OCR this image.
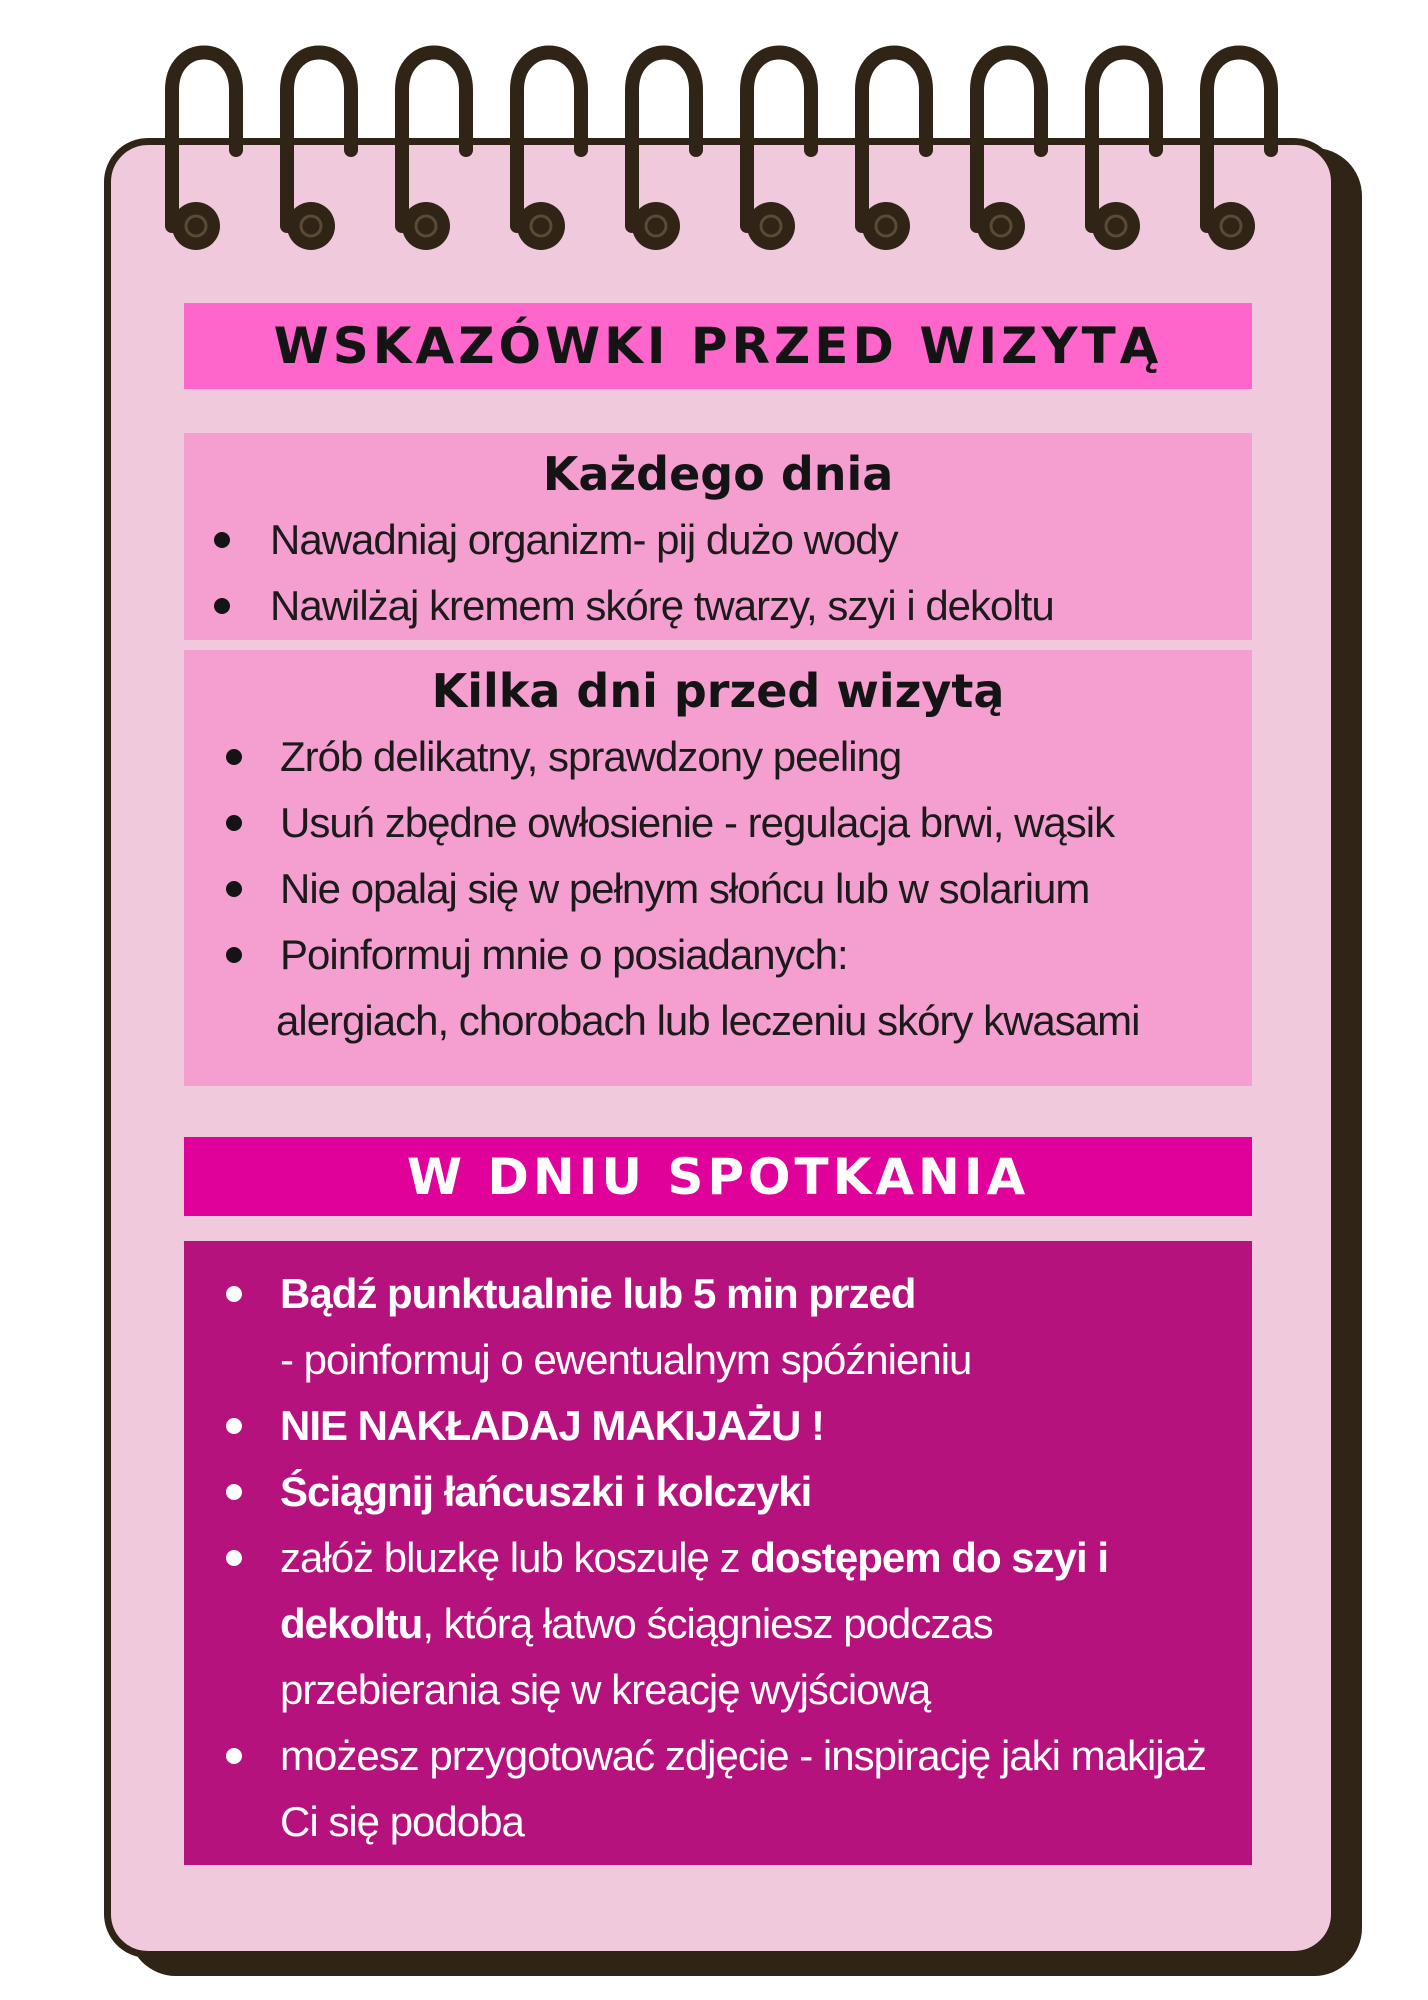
WSKAZÓWKI PRZED WIZYTĄ
Każdego dnia
Nawadniaj organizm- pij dużo wody
Nawilżaj kremem skórę twarzy, szyi i dekoltu
Kilka dni przed wizytą
Zrób delikatny, sprawdzony peeling
Usuń zbędne owłosienie - regulacja brwi, wąsik
Nie opalaj się w pełnym słońcu lub w solarium
Poinformuj mnie o posiadanych:
alergiach, chorobach lub leczeniu skóry kwasami
W DNIU SPOTKANIA
Bądź punktualnie lub 5 min przed
- poinformuj o ewentualnym spóźnieniu
NIE NAKŁADAJ MAKIJAŻU !
Ściągnij łańcuszki i kolczyki
załóż bluzkę lub koszulę z dostępem do szyi i dekoltu, którą łatwo ściągniesz podczas przebierania się w kreację wyjściową
możesz przygotować zdjęcie - inspirację jaki makijaż Ci się podoba
